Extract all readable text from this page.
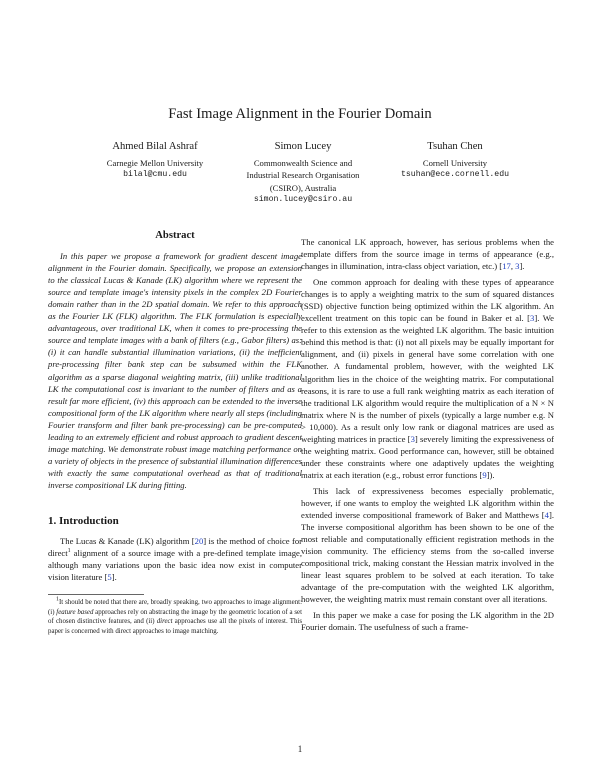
Fast Image Alignment in the Fourier Domain
Ahmed Bilal Ashraf
Carnegie Mellon University
bilal@cmu.edu
Simon Lucey
Commonwealth Science and
Industrial Research Organisation
(CSIRO), Australia
simon.lucey@csiro.au
Tsuhan Chen
Cornell University
tsuhan@ece.cornell.edu
Abstract

In this paper we propose a framework for gradient descent image alignment in the Fourier domain. Specifically, we propose an extension to the classical Lucas & Kanade (LK) algorithm where we represent the source and template image's intensity pixels in the complex 2D Fourier domain rather than in the 2D spatial domain. We refer to this approach as the Fourier LK (FLK) algorithm. The FLK formulation is especially advantageous, over traditional LK, when it comes to pre-processing the source and template images with a bank of filters (e.g., Gabor filters) as: (i) it can handle substantial illumination variations, (ii) the inefficient pre-processing filter bank step can be subsumed within the FLK algorithm as a sparse diagonal weighting matrix, (iii) unlike traditional LK the computational cost is invariant to the number of filters and as a result far more efficient, (iv) this approach can be extended to the inverse compositional form of the LK algorithm where nearly all steps (including Fourier transform and filter bank pre-processing) can be pre-computed leading to an extremely efficient and robust approach to gradient descent image matching. We demonstrate robust image matching performance on a variety of objects in the presence of substantial illumination differences with exactly the same computational overhead as that of traditional inverse compositional LK during fitting.

1. Introduction

The Lucas & Kanade (LK) algorithm [20] is the method of choice for direct$^1$ alignment of a source image with a pre-defined template image, although many variations upon the basic idea now exist in computer vision literature [5].

$^1$It should be noted that there are, broadly speaking, two approaches to image alignment: (i) feature based approaches rely on abstracting the image by the geometric location of a set of chosen distinctive features, and (ii) direct approaches use all the pixels of interest. This paper is concerned with direct approaches to image matching.

The canonical LK approach, however, has serious problems when the template differs from the source image in terms of appearance (e.g., changes in illumination, intra-class object variation, etc.) [17, 3].

One common approach for dealing with these types of appearance changes is to apply a weighting matrix to the sum of squared distances (SSD) objective function being optimized within the LK algorithm. An excellent treatment on this topic can be found in Baker et al. [3]. We refer to this extension as the weighted LK algorithm. The basic intuition behind this method is that: (i) not all pixels may be equally important for alignment, and (ii) pixels in general have some correlation with one another. A fundamental problem, however, with the weighted LK algorithm lies in the choice of the weighting matrix. For computational reasons, it is rare to use a full rank weighting matrix as each iteration of the traditional LK algorithm would require the multiplication of a N × N matrix where N is the number of pixels (typically a large number e.g. N > 10,000). As a result only low rank or diagonal matrices are used as weighting matrices in practice [3] severely limiting the expressiveness of the weighting matrix. Good performance can, however, still be obtained under these constraints where one adaptively updates the weighting matrix at each iteration (e.g., robust error functions [9]).

This lack of expressiveness becomes especially problematic, however, if one wants to employ the weighted LK algorithm within the extended inverse compositional framework of Baker and Matthews [4]. The inverse compositional algorithm has been shown to be one of the most reliable and computationally efficient registration methods in the vision community. The efficiency stems from the so-called inverse compositional trick, making constant the Hessian matrix involved in the linear least squares problem to be solved at each iteration. To take advantage of the pre-computation with the weighted LK algorithm, however, the weighting matrix must remain constant over all iterations.

In this paper we make a case for posing the LK algorithm in the 2D Fourier domain. The usefulness of such a frame-

1
